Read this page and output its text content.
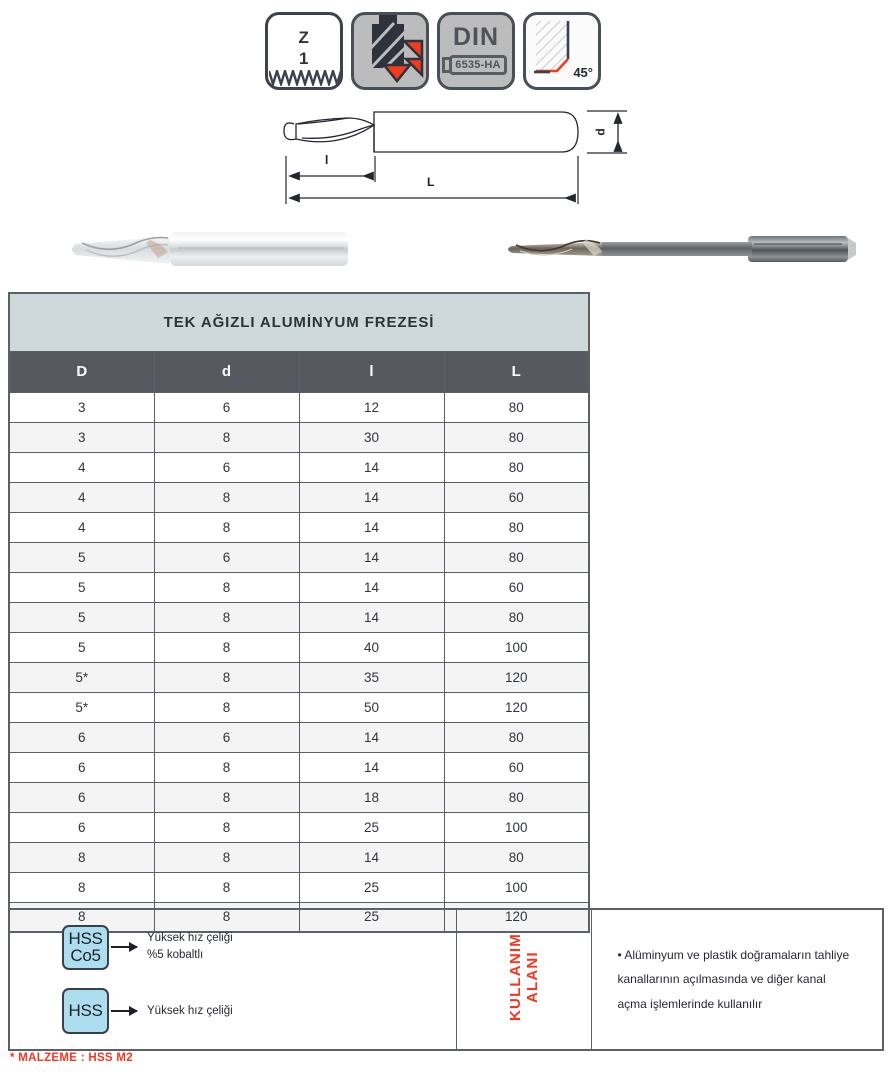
Z
1
DIN
6535-HA	45°
l
L
d
TEK AĞIZLI ALUMİNYUM FREZESİ			
D	d	l	L
3	6	12	80
3	8	30	80
4	6	14	80
4	8	14	60
4	8	14	80
5	6	14	80
5	8	14	60
5	8	14	80
5	8	40	100
5*	8	35	120
5*	8	50	120
6	6	14	80
6	8	14	60
6	8	18	80
6	8	25	100
8	8	14	80
8	8	25	100
8	8	25	120
HSS
Co5
Yüksek hız çeliği
%5 kobaltlı
HSS	Yüksek hız çeliği	KULLANIM ALANI	• Alüminyum ve plastik doğramaların tahliye kanallarının açılmasında ve diğer kanal açma işlemlerinde kullanılır
* MALZEME : HSS M2
